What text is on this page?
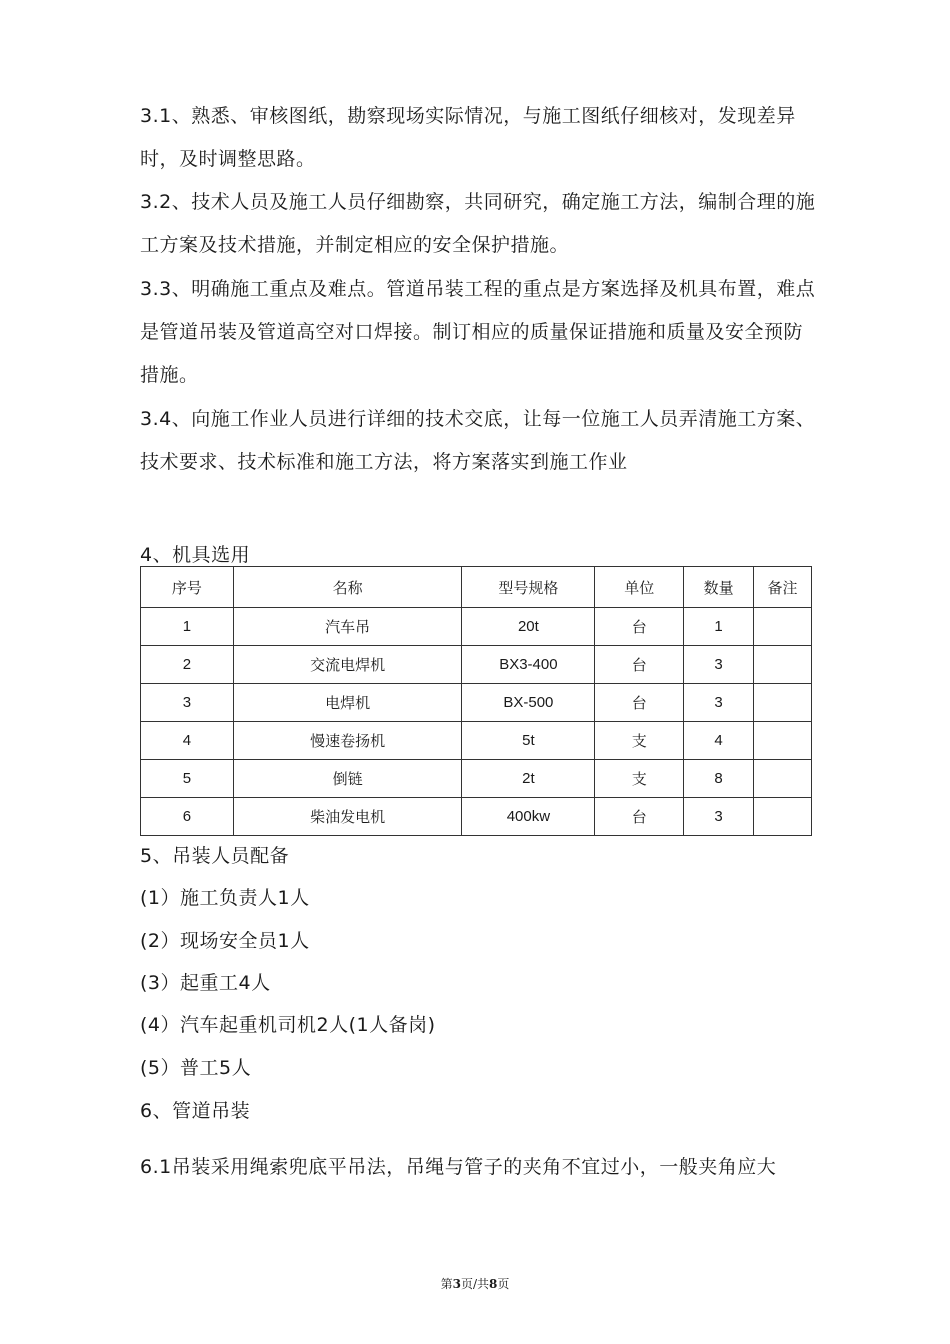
3.1、熟悉、审核图纸，勘察现场实际情况，与施工图纸仔细核对，发现差异时，及时调整思路。

3.2、技术人员及施工人员仔细勘察，共同研究，确定施工方法，编制合理的施工方案及技术措施，并制定相应的安全保护措施。

3.3、明确施工重点及难点。管道吊装工程的重点是方案选择及机具布置，难点是管道吊装及管道高空对口焊接。制订相应的质量保证措施和质量及安全预防措施。

3.4、向施工作业人员进行详细的技术交底，让每一位施工人员弄清施工方案、技术要求、技术标准和施工方法，将方案落实到施工作业

4、机具选用

序号	名称	型号规格	单位	数量	备注
1	汽车吊	20t	台	1	
2	交流电焊机	BX3-400	台	3	
3	电焊机	BX-500	台	3	
4	慢速卷扬机	5t	支	4	
5	倒链	2t	支	8	
6	柴油发电机	400kw	台	3	

5、吊装人员配备

(1）施工负责人1人

(2）现场安全员1人

(3）起重工4人

(4）汽车起重机司机2人(1人备岗)

(5）普工5人

6、管道吊装

6.1吊装采用绳索兜底平吊法，吊绳与管子的夹角不宜过小，一般夹角应大

第3页/共8页
